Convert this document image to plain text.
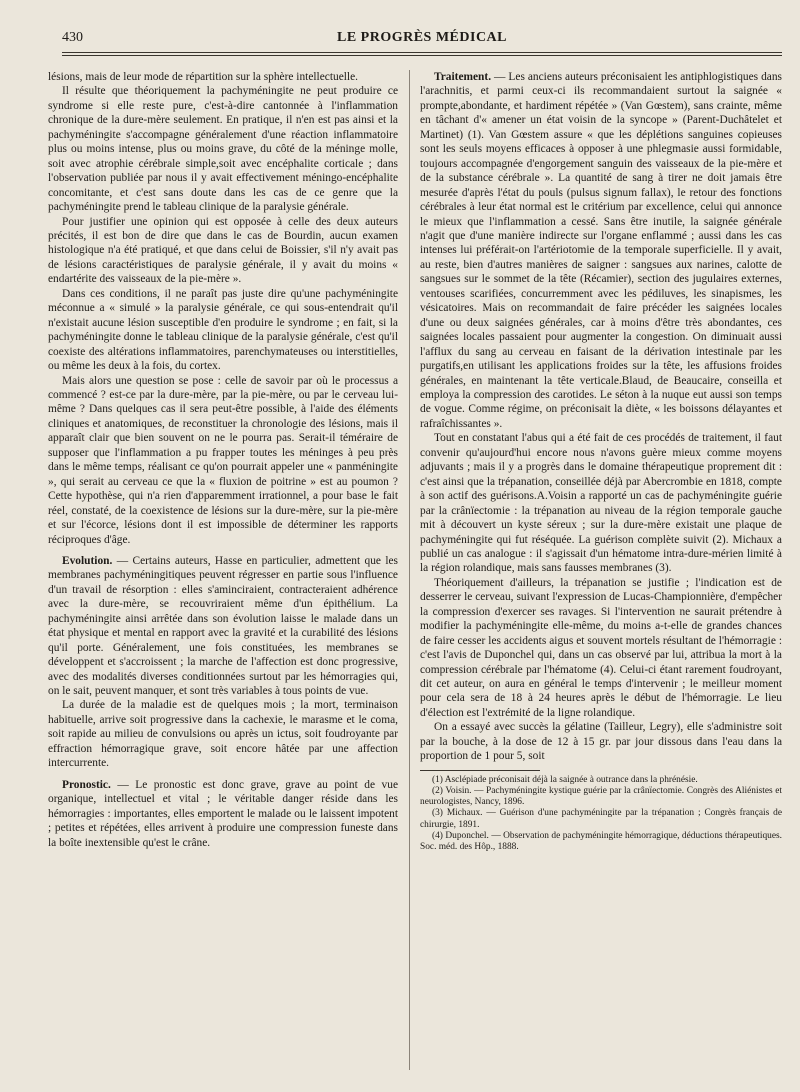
430	LE PROGRÈS MÉDICAL

lésions, mais de leur mode de répartition sur la sphère intellectuelle.

Il résulte que théoriquement la pachyméningite ne peut produire ce syndrome si elle reste pure, c'est-à-dire cantonnée à l'inflammation chronique de la dure-mère seulement. En pratique, il n'en est pas ainsi et la pachyméningite s'accompagne généralement d'une réaction inflammatoire plus ou moins intense, plus ou moins grave, du côté de la méninge molle, soit avec atrophie cérébrale simple,soit avec encéphalite corticale ; dans l'observation publiée par nous il y avait effectivement méningo-encéphalite concomitante, et c'est sans doute dans les cas de ce genre que la pachyméningite prend le tableau clinique de la paralysie générale.

Pour justifier une opinion qui est opposée à celle des deux auteurs précités, il est bon de dire que dans le cas de Bourdin, aucun examen histologique n'a été pratiqué, et que dans celui de Boissier, s'il n'y avait pas de lésions caractéristiques de paralysie générale, il y avait du moins « endartérite des vaisseaux de la pie-mère ».

Dans ces conditions, il ne paraît pas juste dire qu'une pachyméningite méconnue a « simulé » la paralysie générale, ce qui sous-entendrait qu'il n'existait aucune lésion susceptible d'en produire le syndrome ; en fait, si la pachyméningite donne le tableau clinique de la paralysie générale, c'est qu'il coexiste des altérations inflammatoires, parenchymateuses ou interstitielles, ou même les deux à la fois, du cortex.

Mais alors une question se pose : celle de savoir par où le processus a commencé ? est-ce par la dure-mère, par la pie-mère, ou par le cerveau lui-même ? Dans quelques cas il sera peut-être possible, à l'aide des éléments cliniques et anatomiques, de reconstituer la chronologie des lésions, mais il apparaît clair que bien souvent on ne le pourra pas. Serait-il téméraire de supposer que l'inflammation a pu frapper toutes les méninges à peu près dans le même temps, réalisant ce qu'on pourrait appeler une « panméningite », qui serait au cerveau ce que la « fluxion de poitrine » est au poumon ? Cette hypothèse, qui n'a rien d'apparemment irrationnel, a pour base le fait réel, constaté, de la coexistence de lésions sur la dure-mère, sur la pie-mère et sur l'écorce, lésions dont il est impossible de déterminer les rapports réciproques d'âge.

Evolution. — Certains auteurs, Hasse en particulier, admettent que les membranes pachyméningitiques peuvent régresser en partie sous l'influence d'un travail de résorption : elles s'aminciraient, contracteraient adhérence avec la dure-mère, se recouvriraient même d'un épithélium. La pachyméningite ainsi arrêtée dans son évolution laisse le malade dans un état physique et mental en rapport avec la gravité et la curabilité des lésions qu'il porte. Généralement, une fois constituées, les membranes se développent et s'accroissent ; la marche de l'affection est donc progressive, avec des modalités diverses conditionnées surtout par les hémorragies qui, on le sait, peuvent manquer, et sont très variables à tous points de vue.

La durée de la maladie est de quelques mois ; la mort, terminaison habituelle, arrive soit progressive dans la cachexie, le marasme et le coma, soit rapide au milieu de convulsions ou après un ictus, soit foudroyante par effraction hémorragique grave, soit encore hâtée par une affection intercurrente.

Pronostic. — Le pronostic est donc grave, grave au point de vue organique, intellectuel et vital ; le véritable danger réside dans les hémorragies : importantes, elles emportent le malade ou le laissent impotent ; petites et répétées, elles arrivent à produire une compression funeste dans la boîte inextensible qu'est le crâne.

Traitement. — Les anciens auteurs préconisaient les antiphlogistiques dans l'arachnitis, et parmi ceux-ci ils recommandaient surtout la saignée « prompte,abondante, et hardiment répétée » (Van Gœstem), sans crainte, même en tâchant d'« amener un état voisin de la syncope » (Parent-Duchâtelet et Martinet) (1). Van Gœstem assure « que les déplétions sanguines copieuses sont les seuls moyens efficaces à opposer à une phlegmasie aussi formidable, toujours accompagnée d'engorgement sanguin des vaisseaux de la pie-mère et de la substance cérébrale ». La quantité de sang à tirer ne doit jamais être mesurée d'après l'état du pouls (pulsus signum fallax), le retour des fonctions cérébrales à leur état normal est le critérium par excellence, celui qui annonce le mieux que l'inflammation a cessé. Sans être inutile, la saignée générale n'agit que d'une manière indirecte sur l'organe enflammé ; aussi dans les cas intenses lui préférait-on l'artériotomie de la temporale superficielle. Il y avait, au reste, bien d'autres manières de saigner : sangsues aux narines, calotte de sangsues sur le sommet de la tête (Récamier), section des jugulaires externes, ventouses scarifiées, concurremment avec les pédiluves, les sinapismes, les vésicatoires. Mais on recommandait de faire précéder les saignées locales d'une ou deux saignées générales, car à moins d'être très abondantes, ces saignées locales passaient pour augmenter la congestion. On diminuait aussi l'afflux du sang au cerveau en faisant de la dérivation intestinale par les purgatifs,en utilisant les applications froides sur la tête, les affusions froides générales, en maintenant la tête verticale.Blaud, de Beaucaire, conseilla et employa la compression des carotides. Le séton à la nuque eut aussi son temps de vogue. Comme régime, on préconisait la diète, « les boissons délayantes et rafraîchissantes ».

Tout en constatant l'abus qui a été fait de ces procédés de traitement, il faut convenir qu'aujourd'hui encore nous n'avons guère mieux comme moyens adjuvants ; mais il y a progrès dans le domaine thérapeutique proprement dit : c'est ainsi que la trépanation, conseillée déjà par Abercrombie en 1818, compte à son actif des guérisons.A.Voisin a rapporté un cas de pachyméningite guérie par la crânïectomie : la trépanation au niveau de la région temporale gauche mit à découvert un kyste séreux ; sur la dure-mère existait une plaque de pachyméningite qui fut réséquée. La guérison complète suivit (2). Michaux a publié un cas analogue : il s'agissait d'un hématome intra-dure-mérien limité à la région rolandique, mais sans fausses membranes (3).

Théoriquement d'ailleurs, la trépanation se justifie ; l'indication est de desserrer le cerveau, suivant l'expression de Lucas-Championnière, d'empêcher la compression d'exercer ses ravages. Si l'intervention ne saurait prétendre à modifier la pachyméningite elle-même, du moins a-t-elle de grandes chances de faire cesser les accidents aigus et souvent mortels résultant de l'hémorragie : c'est l'avis de Duponchel qui, dans un cas observé par lui, attribua la mort à la compression cérébrale par l'hématome (4). Celui-ci étant rarement foudroyant, dit cet auteur, on aura en général le temps d'intervenir ; le meilleur moment pour cela sera de 18 à 24 heures après le début de l'hémorragie. Le lieu d'élection est l'extrémité de la ligne rolandique.

On a essayé avec succès la gélatine (Tailleur, Legry), elle s'administre soit par la bouche, à la dose de 12 à 15 gr. par jour dissous dans l'eau dans la proportion de 1 pour 5, soit

(1) Asclépiade préconisait déjà la saignée à outrance dans la phrénésie.

(2) Voisin. — Pachyméningite kystique guérie par la crânïectomie. Congrès des Aliénistes et neurologistes, Nancy, 1896.

(3) Michaux. — Guérison d'une pachyméningite par la trépanation ; Congrès français de chirurgie, 1891.

(4) Duponchel. — Observation de pachyméningite hémorragique, déductions thérapeutiques. Soc. méd. des Hôp., 1888.
